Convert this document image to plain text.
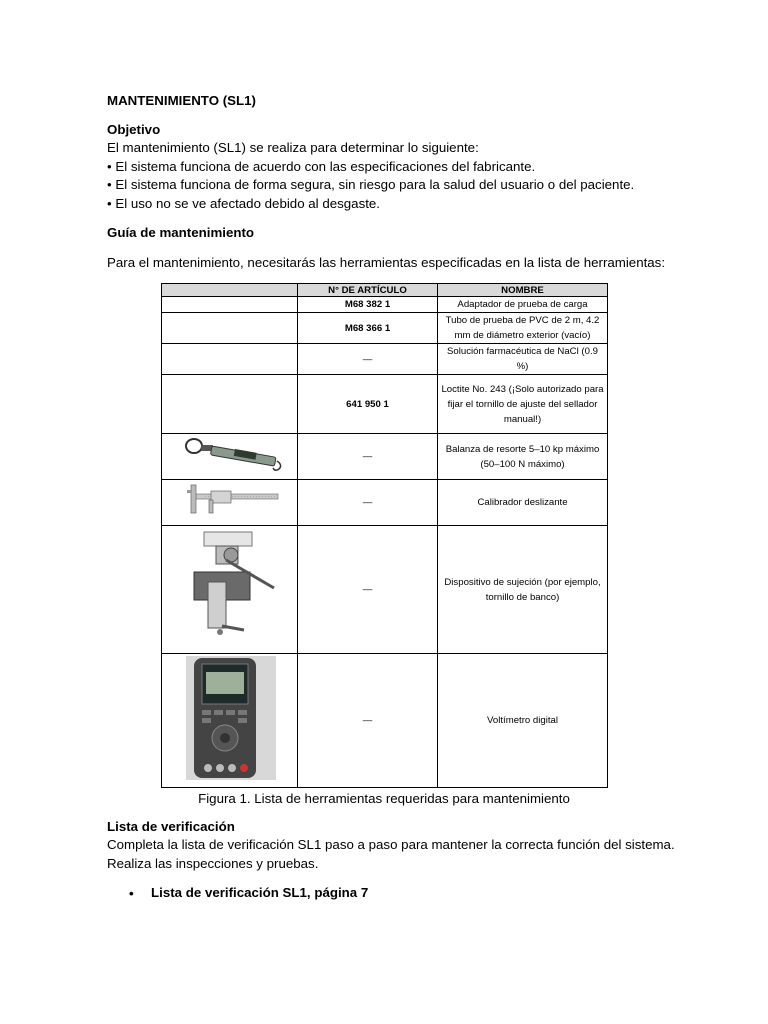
MANTENIMIENTO (SL1)
Objetivo
El mantenimiento (SL1) se realiza para determinar lo siguiente:
• El sistema funciona de acuerdo con las especificaciones del fabricante.
• El sistema funciona de forma segura, sin riesgo para la salud del usuario o del paciente.
• El uso no se ve afectado debido al desgaste.
Guía de mantenimiento
Para el mantenimiento, necesitarás las herramientas especificadas en la lista de herramientas:
	N° DE ARTÍCULO	NOMBRE
	M68 382 1	Adaptador de prueba de carga
	M68 366 1	Tubo de prueba de PVC de 2 m, 4.2 mm de diámetro exterior (vacío)
	—	Solución farmacéutica de NaCl (0.9 %)
	641 950 1	Loctite No. 243 (¡Solo autorizado para fijar el tornillo de ajuste del sellador manual!)
	—	Balanza de resorte 5–10 kp máximo (50–100 N máximo)
	—	Calibrador deslizante
	—	Dispositivo de sujeción (por ejemplo, tornillo de banco)
	—	Voltímetro digital
Figura 1. Lista de herramientas requeridas para mantenimiento
Lista de verificación
Completa la lista de verificación SL1 paso a paso para mantener la correcta función del sistema.
Realiza las inspecciones y pruebas.
• Lista de verificación SL1, página 7
